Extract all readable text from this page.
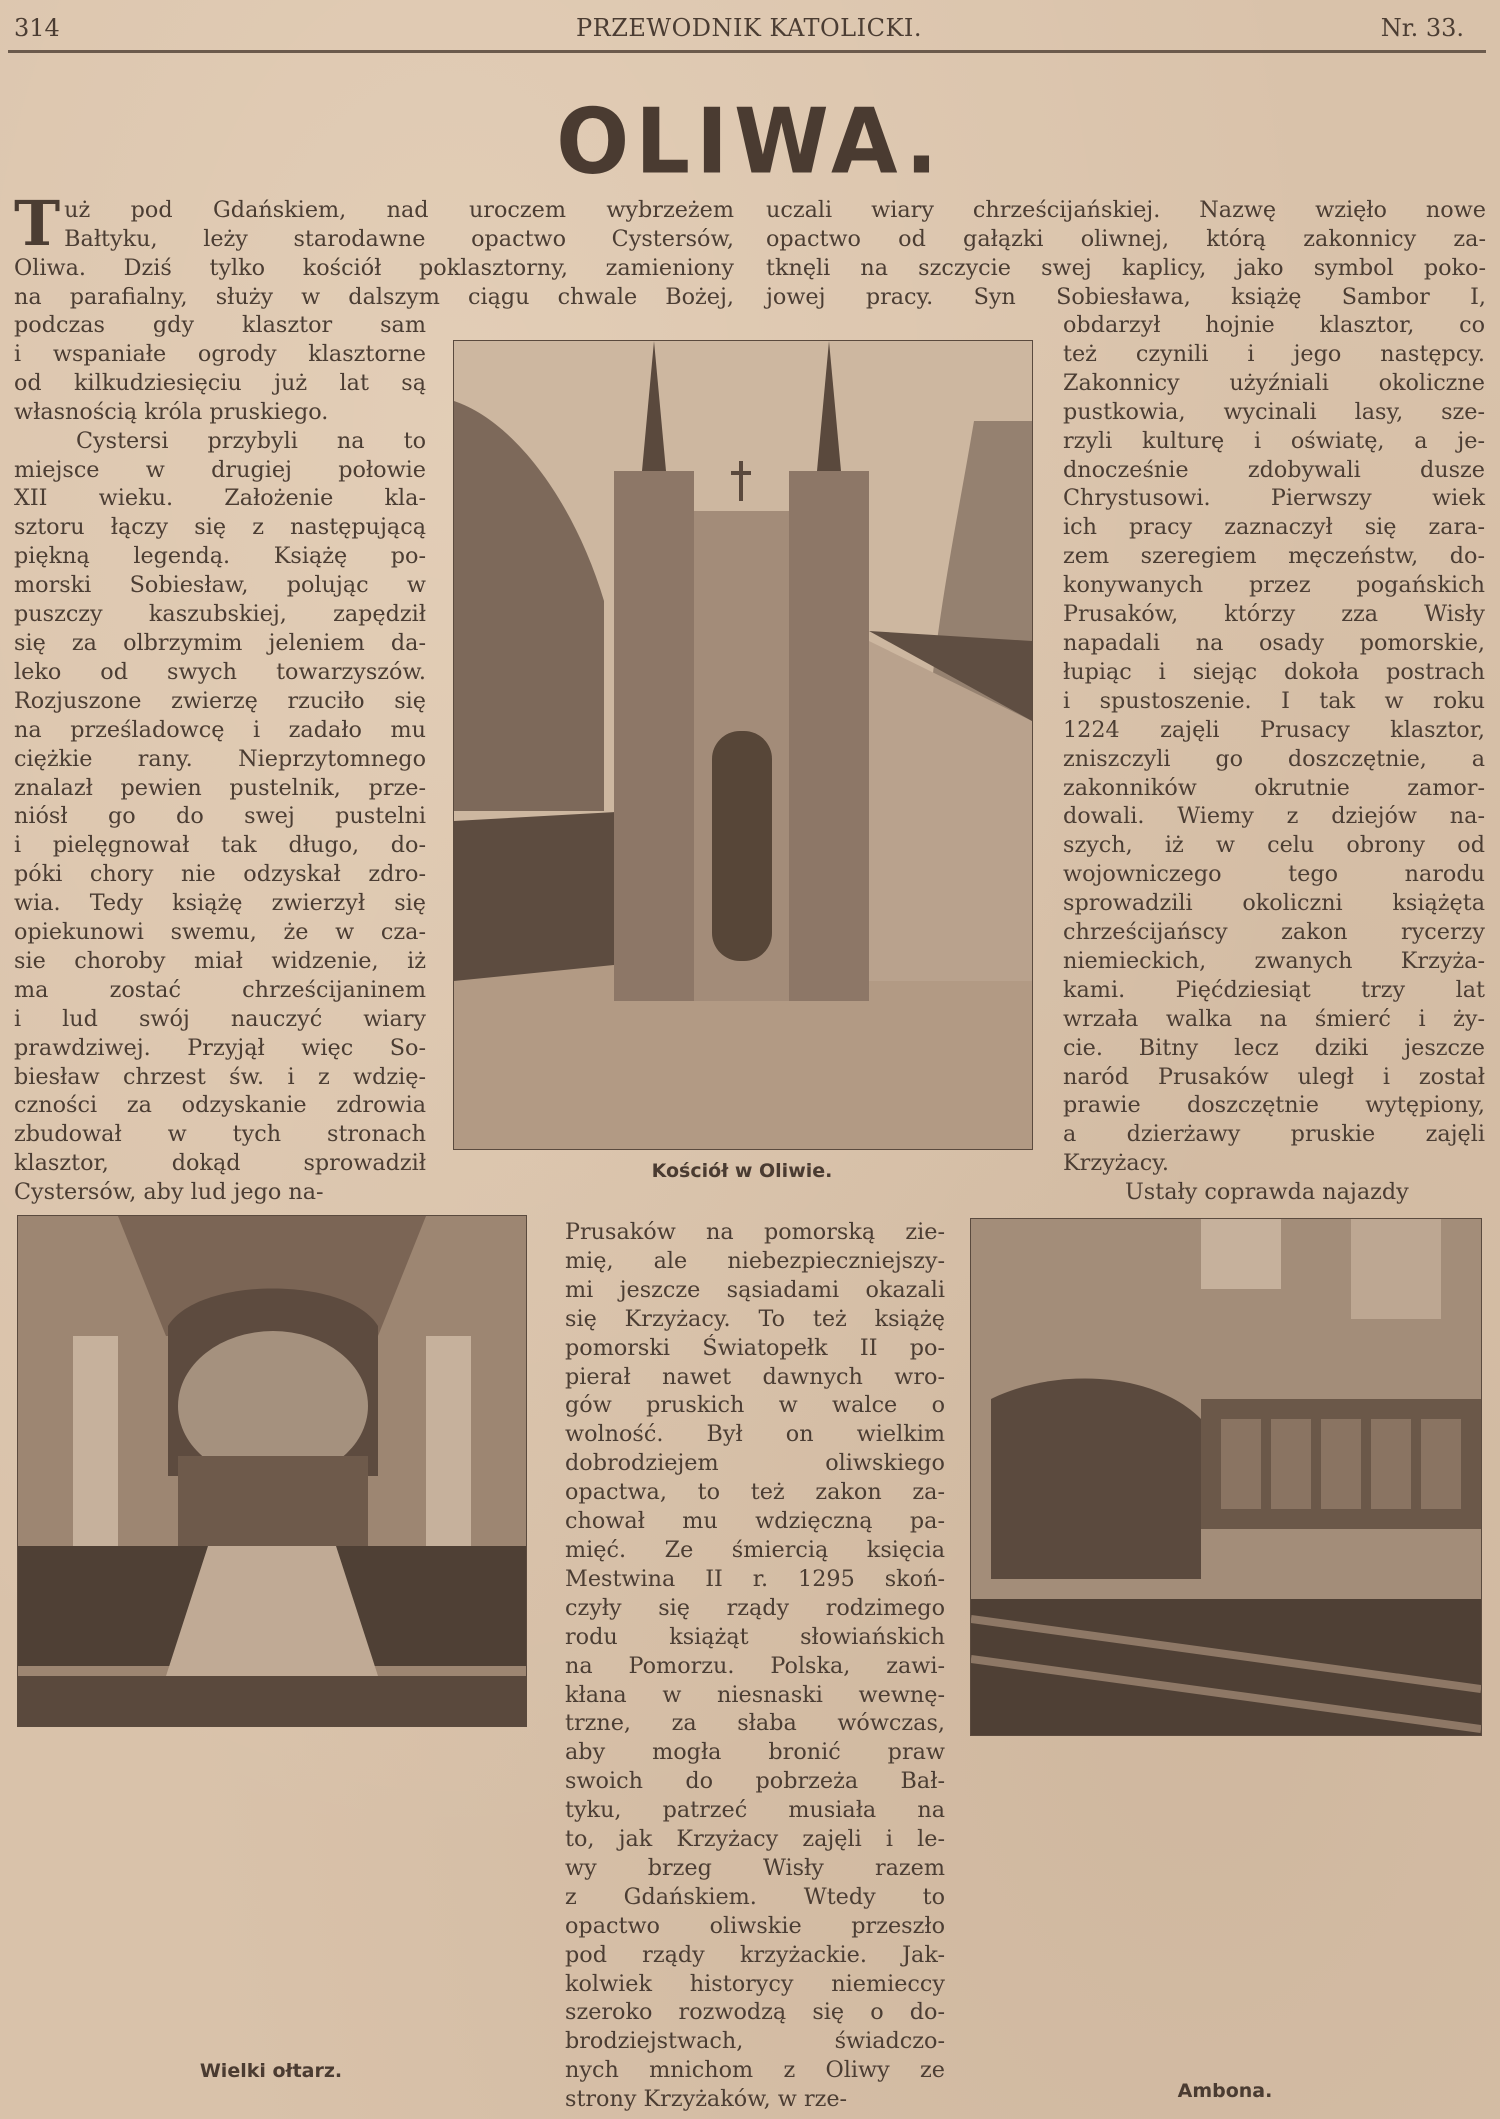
314	PRZEWODNIK KATOLICKI.	Nr. 33.
OLIWA.
T uż pod Gdańskiem, nad uroczem wybrzeżem
Bałtyku, leży starodawne opactwo Cystersów,
Oliwa. Dziś tylko kościół poklasztorny, zamieniony
na parafialny, służy w dalszym ciągu chwale Bożej,
uczali wiary chrześcijańskiej. Nazwę wzięło nowe
opactwo od gałązki oliwnej, którą zakonnicy za-
tknęli na szczycie swej kaplicy, jako symbol poko-
jowej pracy. Syn Sobiesława, książę Sambor I,
podczas gdy klasztor sam
i wspaniałe ogrody klasztorne
od kilkudziesięciu już lat są
własnością króla pruskiego.
Cystersi przybyli na to
miejsce w drugiej połowie
XII wieku. Założenie kla-
sztoru łączy się z następującą
piękną legendą. Książę po-
morski Sobiesław, polując w
puszczy kaszubskiej, zapędził
się za olbrzymim jeleniem da-
leko od swych towarzyszów.
Rozjuszone zwierzę rzuciło się
na prześladowcę i zadało mu
ciężkie rany. Nieprzytomnego
znalazł pewien pustelnik, prze-
niósł go do swej pustelni
i pielęgnował tak długo, do-
póki chory nie odzyskał zdro-
wia. Tedy książę zwierzył się
opiekunowi swemu, że w cza-
sie choroby miał widzenie, iż
ma zostać chrześcijaninem
i lud swój nauczyć wiary
prawdziwej. Przyjął więc So-
biesław chrzest św. i z wdzię-
czności za odzyskanie zdrowia
zbudował w tych stronach
klasztor, dokąd sprowadził
Cystersów, aby lud jego na-
obdarzył hojnie klasztor, co
też czynili i jego następcy.
Zakonnicy użyźniali okoliczne
pustkowia, wycinali lasy, sze-
rzyli kulturę i oświatę, a je-
dnocześnie zdobywali dusze
Chrystusowi. Pierwszy wiek
ich pracy zaznaczył się zara-
zem szeregiem męczeństw, do-
konywanych przez pogańskich
Prusaków, którzy zza Wisły
napadali na osady pomorskie,
łupiąc i siejąc dokoła postrach
i spustoszenie. I tak w roku
1224 zajęli Prusacy klasztor,
zniszczyli go doszczętnie, a
zakonników okrutnie zamor-
dowali. Wiemy z dziejów na-
szych, iż w celu obrony od
wojowniczego tego narodu
sprowadzili okoliczni książęta
chrześcijańscy zakon rycerzy
niemieckich, zwanych Krzyża-
kami. Pięćdziesiąt trzy lat
wrzała walka na śmierć i ży-
cie. Bitny lecz dziki jeszcze
naród Prusaków uległ i został
prawie doszczętnie wytępiony,
a dzierżawy pruskie zajęli
Krzyżacy.
Ustały coprawda najazdy
Prusaków na pomorską zie-
mię, ale niebezpieczniejszy-
mi jeszcze sąsiadami okazali
się Krzyżacy. To też książę
pomorski Światopełk II po-
pierał nawet dawnych wro-
gów pruskich w walce o
wolność. Był on wielkim
dobrodziejem oliwskiego
opactwa, to też zakon za-
chował mu wdzięczną pa-
mięć. Ze śmiercią księcia
Mestwina II r. 1295 skoń-
czyły się rządy rodzimego
rodu książąt słowiańskich
na Pomorzu. Polska, zawi-
kłana w niesnaski wewnę-
trzne, za słaba wówczas,
aby mogła bronić praw
swoich do pobrzeża Bał-
tyku, patrzeć musiała na
to, jak Krzyżacy zajęli i le-
wy brzeg Wisły razem
z Gdańskiem. Wtedy to
opactwo oliwskie przeszło
pod rządy krzyżackie. Jak-
kolwiek historycy niemieccy
szeroko rozwodzą się o do-
brodziejstwach, świadczo-
nych mnichom z Oliwy ze
strony Krzyżaków, w rze-
Kościół w Oliwie.
Wielki ołtarz.
Ambona.
